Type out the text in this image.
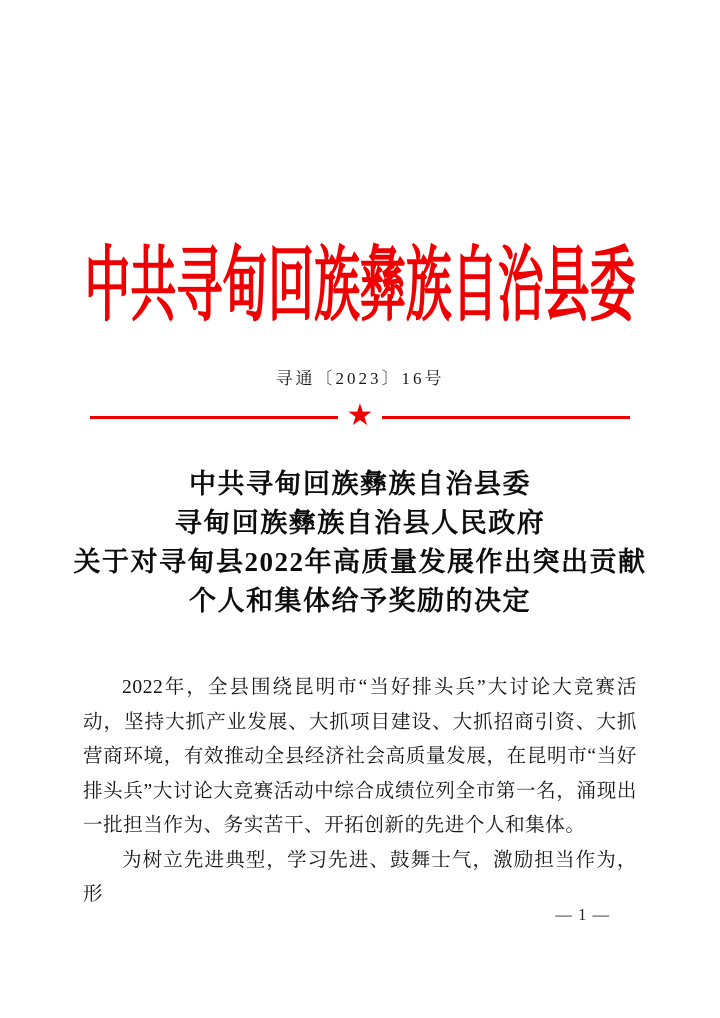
中共寻甸回族彝族自治县委
寻通〔2023〕16号
★
中共寻甸回族彝族自治县委
寻甸回族彝族自治县人民政府
关于对寻甸县2022年高质量发展作出突出贡献
个人和集体给予奖励的决定

2022年，全县围绕昆明市“当好排头兵”大讨论大竞赛活动，坚持大抓产业发展、大抓项目建设、大抓招商引资、大抓营商环境，有效推动全县经济社会高质量发展，在昆明市“当好排头兵”大讨论大竞赛活动中综合成绩位列全市第一名，涌现出一批担当作为、务实苦干、开拓创新的先进个人和集体。

为树立先进典型，学习先进、鼓舞士气，激励担当作为，形

— 1 —
